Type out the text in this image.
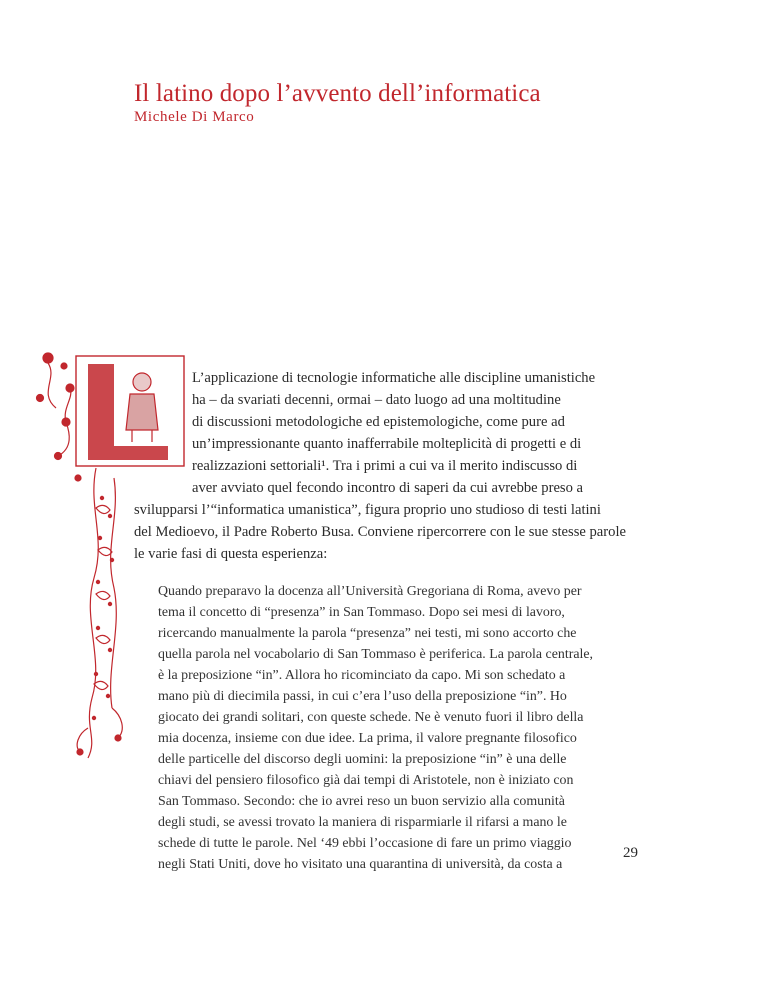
Il latino dopo l’avvento dell’informatica
Michele Di Marco
L’applicazione di tecnologie informatiche alle discipline umanistiche
ha – da svariati decenni, ormai – dato luogo ad una moltitudine
di discussioni metodologiche ed epistemologiche, come pure ad
un’impressionante quanto inafferrabile molteplicità di progetti e di
realizzazioni settoriali¹. Tra i primi a cui va il merito indiscusso di
aver avviato quel fecondo incontro di saperi da cui avrebbe preso a
svilupparsi l’“informatica umanistica”, figura proprio uno studioso di testi latini
del Medioevo, il Padre Roberto Busa. Conviene ripercorrere con le sue stesse parole
le varie fasi di questa esperienza:
Quando preparavo la docenza all’Università Gregoriana di Roma, avevo per
tema il concetto di “presenza” in San Tommaso. Dopo sei mesi di lavoro,
ricercando manualmente la parola “presenza” nei testi, mi sono accorto che
quella parola nel vocabolario di San Tommaso è periferica. La parola centrale,
è la preposizione “in”. Allora ho ricominciato da capo. Mi son schedato a
mano più di diecimila passi, in cui c’era l’uso della preposizione “in”. Ho
giocato dei grandi solitari, con queste schede. Ne è venuto fuori il libro della
mia docenza, insieme con due idee. La prima, il valore pregnante filosofico
delle particelle del discorso degli uomini: la preposizione “in” è una delle
chiavi del pensiero filosofico già dai tempi di Aristotele, non è iniziato con
San Tommaso. Secondo: che io avrei reso un buon servizio alla comunità
degli studi, se avessi trovato la maniera di risparmiarle il rifarsi a mano le
schede di tutte le parole. Nel ‘49 ebbi l’occasione di fare un primo viaggio
negli Stati Uniti, dove ho visitato una quarantina di università, da costa a
29
